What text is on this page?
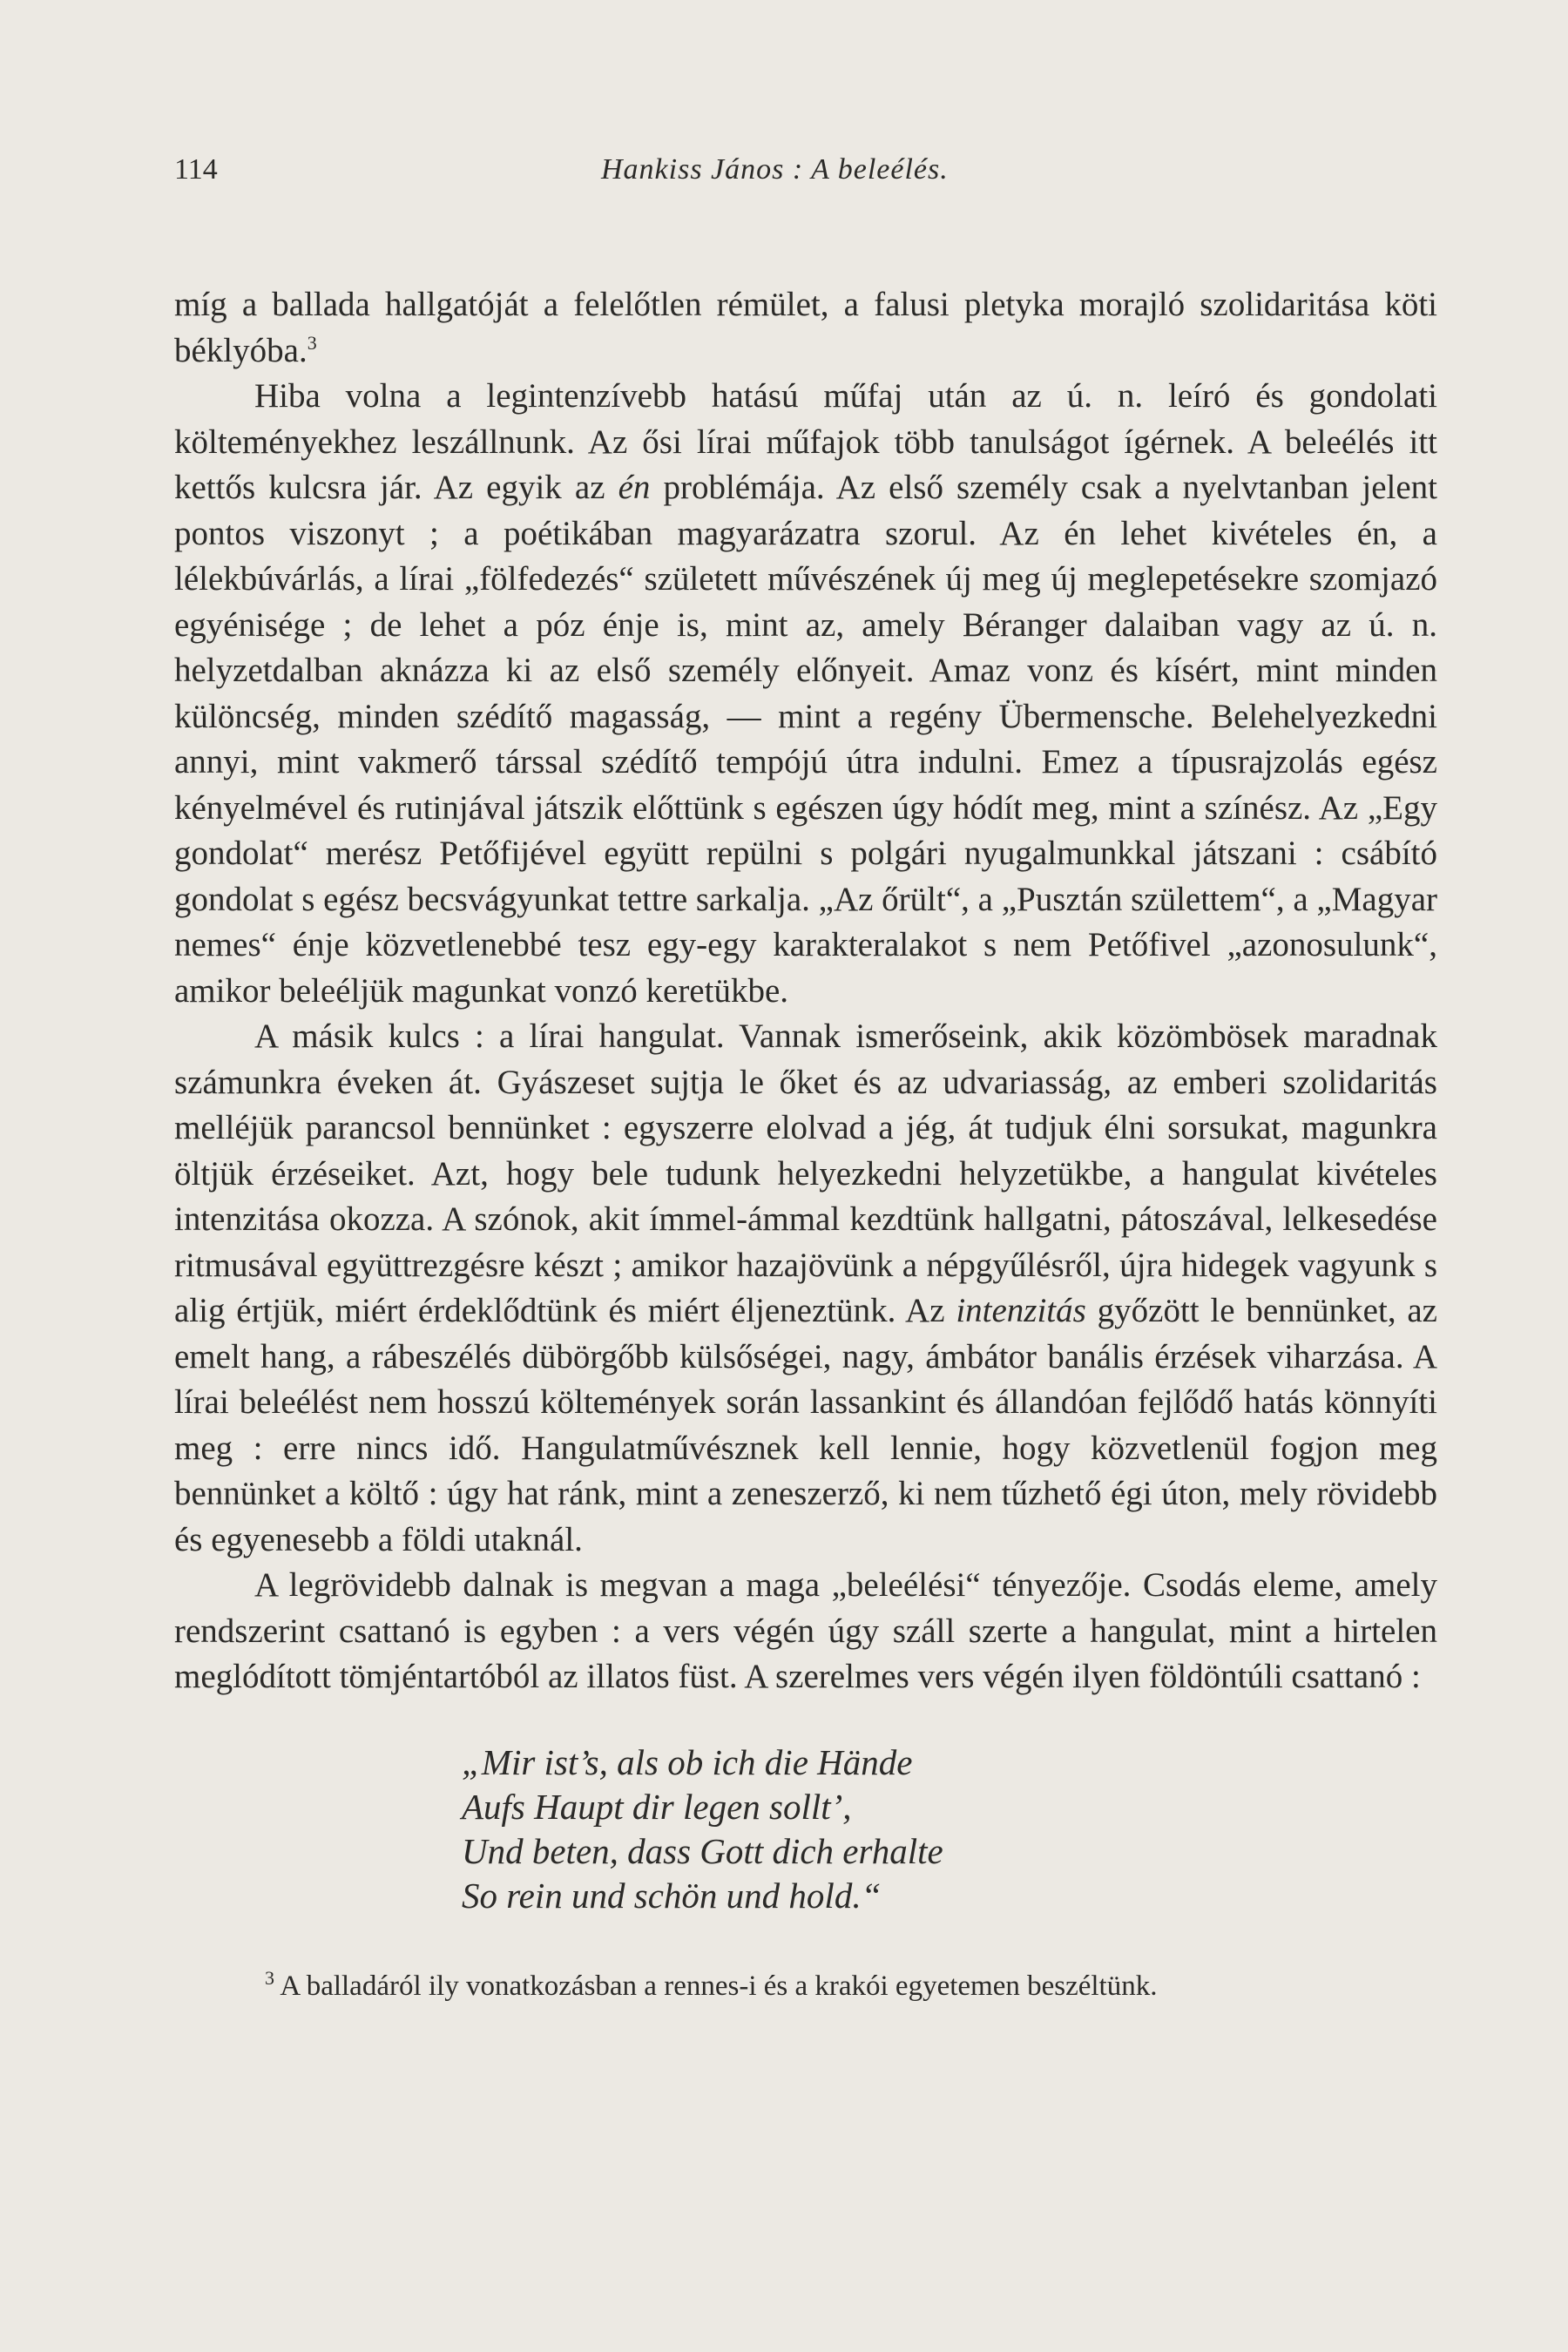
114	Hankiss János : A beleélés.

míg a ballada hallgatóját a felelőtlen rémület, a falusi pletyka morajló szolidaritása köti béklyóba.$^3$

Hiba volna a legintenzívebb hatású műfaj után az ú. n. leíró és gondolati költeményekhez leszállnunk. Az ősi lírai műfajok több tanulságot ígérnek. A beleélés itt kettős kulcsra jár. Az egyik az én problémája. Az első személy csak a nyelvtanban jelent pontos viszonyt ; a poétikában magyarázatra szorul. Az én lehet kivételes én, a lélekbúvárlás, a lírai „fölfedezés“ született művészének új meg új meglepetésekre szomjazó egyénisége ; de lehet a póz énje is, mint az, amely Béranger dalaiban vagy az ú. n. helyzetdalban aknázza ki az első személy előnyeit. Amaz vonz és kísért, mint minden különcség, minden szédítő magasság, — mint a regény Übermensche. Belehelyezkedni annyi, mint vakmerő társsal szédítő tempójú útra indulni. Emez a típusrajzolás egész kényelmével és rutinjával játszik előttünk s egészen úgy hódít meg, mint a színész. Az „Egy gondolat“ merész Petőfijével együtt repülni s polgári nyugalmunkkal játszani : csábító gondolat s egész becsvágyunkat tettre sarkalja. „Az őrült“, a „Pusztán születtem“, a „Magyar nemes“ énje közvetlenebbé tesz egy-egy karakteralakot s nem Petőfivel „azonosulunk“, amikor beleéljük magunkat vonzó keretükbe.

A másik kulcs : a lírai hangulat. Vannak ismerőseink, akik közömbösek maradnak számunkra éveken át. Gyászeset sujtja le őket és az udvariasság, az emberi szolidaritás melléjük parancsol bennünket : egyszerre elolvad a jég, át tudjuk élni sorsukat, magunkra öltjük érzéseiket. Azt, hogy bele tudunk helyezkedni helyzetükbe, a hangulat kivételes intenzitása okozza. A szónok, akit ímmel-ámmal kezdtünk hallgatni, pátoszával, lelkesedése ritmusával együttrezgésre készt ; amikor hazajövünk a népgyűlésről, újra hidegek vagyunk s alig értjük, miért érdeklődtünk és miért éljeneztünk. Az intenzitás győzött le bennünket, az emelt hang, a rábeszélés dübörgőbb külsőségei, nagy, ámbátor banális érzések viharzása. A lírai beleélést nem hosszú költemények során lassankint és állandóan fejlődő hatás könnyíti meg : erre nincs idő. Hangulatművésznek kell lennie, hogy közvetlenül fogjon meg bennünket a költő : úgy hat ránk, mint a zeneszerző, ki nem tűzhető égi úton, mely rövidebb és egyenesebb a földi utaknál.

A legrövidebb dalnak is megvan a maga „beleélési“ tényezője. Csodás eleme, amely rendszerint csattanó is egyben : a vers végén úgy száll szerte a hangulat, mint a hirtelen meglódított tömjéntartóból az illatos füst. A szerelmes vers végén ilyen földöntúli csattanó :

„Mir ist’s, als ob ich die Hände
Aufs Haupt dir legen sollt’,
Und beten, dass Gott dich erhalte
So rein und schön und hold.“

$^3$ A balladáról ily vonatkozásban a rennes-i és a krakói egyetemen beszéltünk.
